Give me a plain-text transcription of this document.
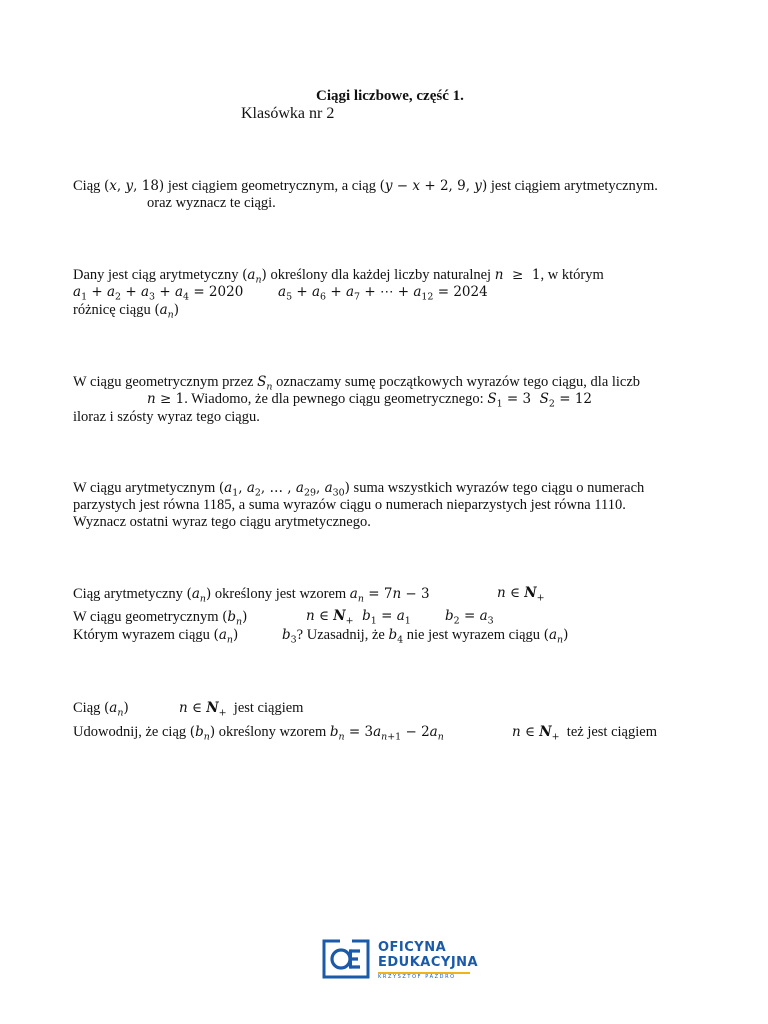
Ciągi liczbowe, część 1.
Klasówka nr 2
Ciąg (x, y, 18) jest ciągiem geometrycznym, a ciąg (y − x + 2, 9, y) jest ciągiem arytmetycznym.
oraz wyznacz te ciągi.
Dany jest ciąg arytmetyczny $(a_n)$ określony dla każdej liczby naturalnej n  ≥  1, w którym
$a_1 + a_2 + a_3 + a_4 = 2020$	$a_5 + a_6 + a_7$ + ⋯ + $a_{12} = 2024$
różnicę ciągu $(a_n)$
W ciągu geometrycznym przez $S_n$ oznaczamy sumę początkowych wyrazów tego ciągu, dla liczb
n ≥ 1. Wiadomo, że dla pewnego ciągu geometrycznego: $S_1 = 3$  $S_2 = 12$
iloraz i szósty wyraz tego ciągu.
W ciągu arytmetycznym ($a_1$, $a_2$, … , $a_{29}$, $a_{30}$) suma wszystkich wyrazów tego ciągu o numerach
parzystych jest równa 1185, a suma wyrazów ciągu o numerach nieparzystych jest równa 1110.
Wyznacz ostatni wyraz tego ciągu arytmetycznego.
Ciąg arytmetyczny $(a_n)$ określony jest wzorem $a_n = 7n - 3$	n ∈ $N_+$
W ciągu geometrycznym $(b_n)$	n ∈ $N_+$ $b_1 = a_1$	$b_2 = a_3$
Którym wyrazem ciągu $(a_n)$	$b_3$? Uzasadnij, że $b_4$ nie jest wyrazem ciągu $(a_n)$
Ciąg $(a_n)$	n ∈ $N_+$ jest ciągiem
Udowodnij, że ciąg $(b_n)$ określony wzorem $b_n = 3a_{n+1} - 2a_n$	n ∈ $N_+$ też jest ciągiem
OFICYNA
EDUKACYJNA
KRZYSZTOF PAZDRO
